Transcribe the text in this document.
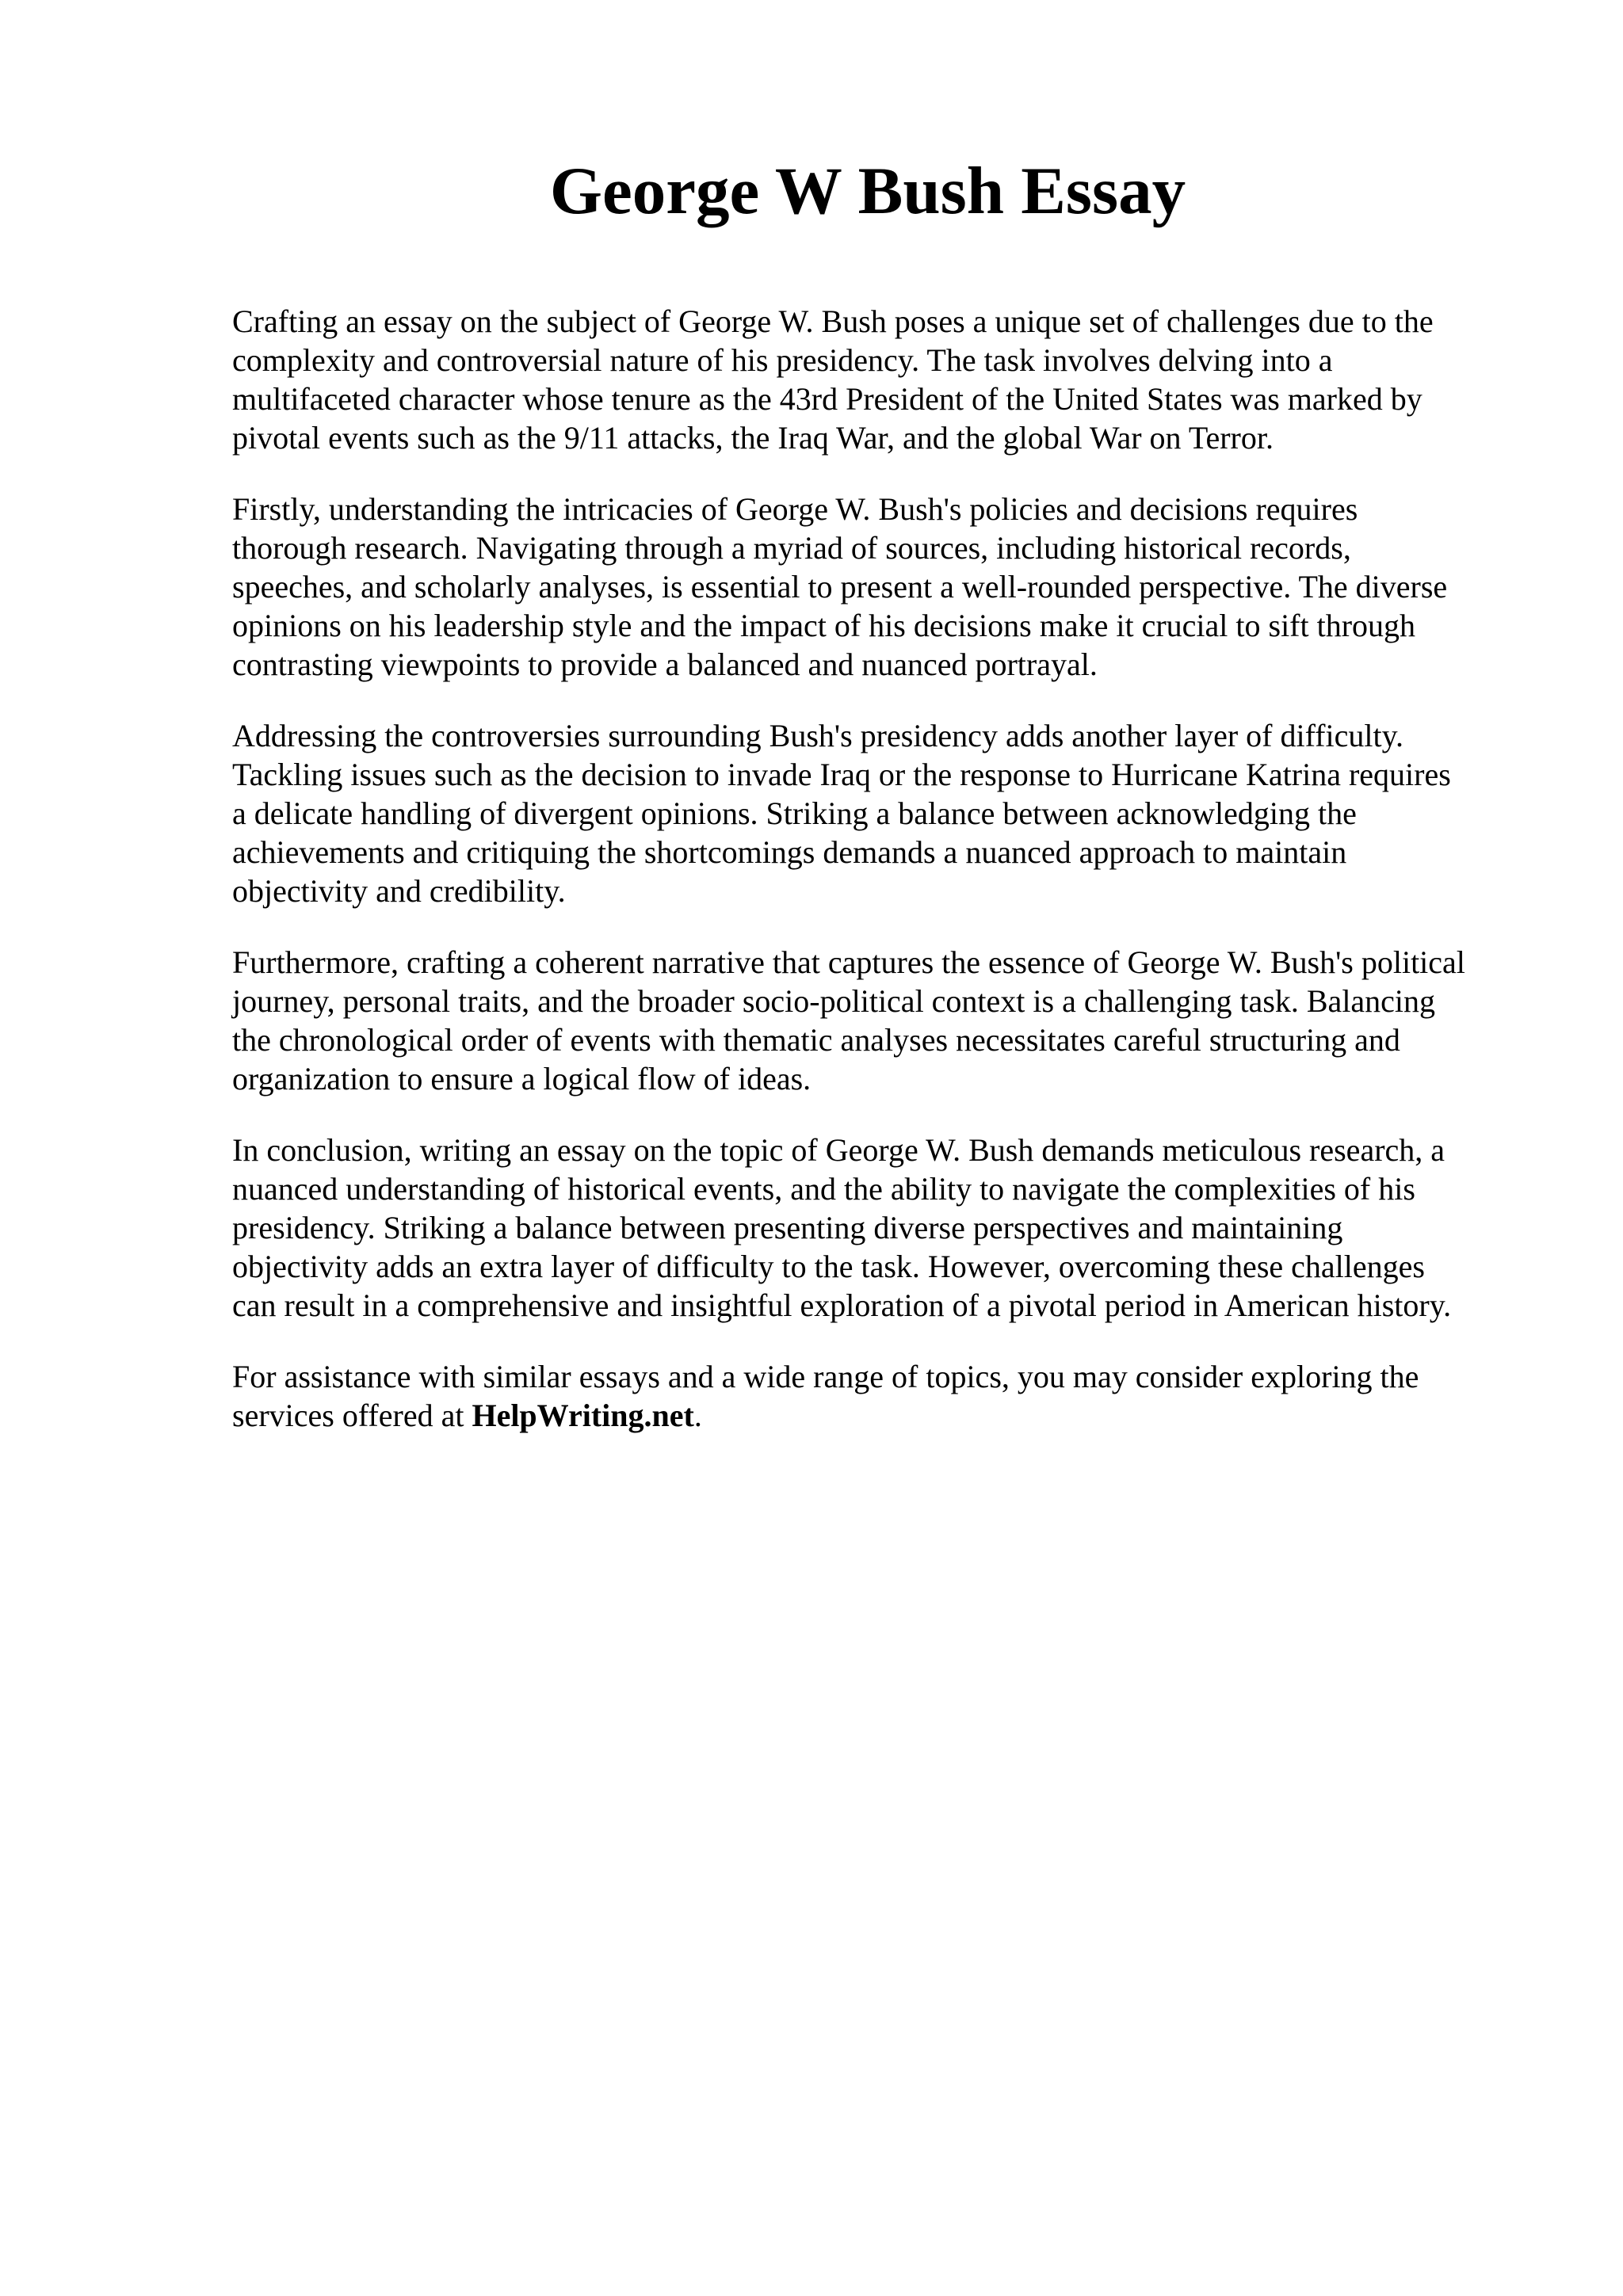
George W Bush Essay

Crafting an essay on the subject of George W. Bush poses a unique set of challenges due to the
complexity and controversial nature of his presidency. The task involves delving into a
multifaceted character whose tenure as the 43rd President of the United States was marked by
pivotal events such as the 9/11 attacks, the Iraq War, and the global War on Terror.

Firstly, understanding the intricacies of George W. Bush's policies and decisions requires
thorough research. Navigating through a myriad of sources, including historical records,
speeches, and scholarly analyses, is essential to present a well-rounded perspective. The diverse
opinions on his leadership style and the impact of his decisions make it crucial to sift through
contrasting viewpoints to provide a balanced and nuanced portrayal.

Addressing the controversies surrounding Bush's presidency adds another layer of difficulty.
Tackling issues such as the decision to invade Iraq or the response to Hurricane Katrina requires
a delicate handling of divergent opinions. Striking a balance between acknowledging the
achievements and critiquing the shortcomings demands a nuanced approach to maintain
objectivity and credibility.

Furthermore, crafting a coherent narrative that captures the essence of George W. Bush's political
journey, personal traits, and the broader socio-political context is a challenging task. Balancing
the chronological order of events with thematic analyses necessitates careful structuring and
organization to ensure a logical flow of ideas.

In conclusion, writing an essay on the topic of George W. Bush demands meticulous research, a
nuanced understanding of historical events, and the ability to navigate the complexities of his
presidency. Striking a balance between presenting diverse perspectives and maintaining
objectivity adds an extra layer of difficulty to the task. However, overcoming these challenges
can result in a comprehensive and insightful exploration of a pivotal period in American history.

For assistance with similar essays and a wide range of topics, you may consider exploring the
services offered at HelpWriting.net.
